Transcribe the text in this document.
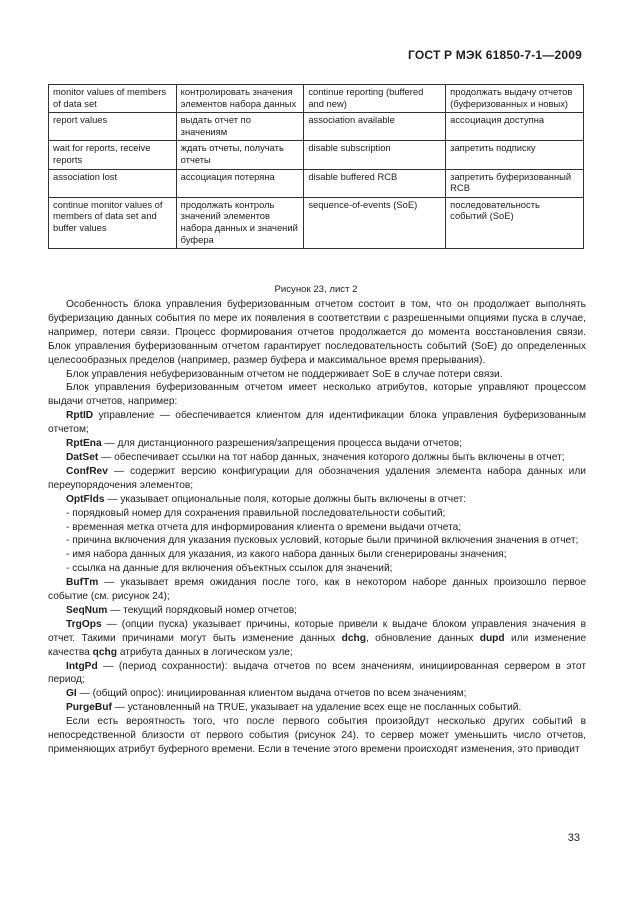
ГОСТ Р МЭК 61850-7-1—2009
monitor values of members of data set	контролировать значения элементов набора данных	continue reporting (buffered and new)	продолжать выдачу отчетов (буферизованных и новых)
report values	выдать отчет по значениям	association available	ассоциация доступна
wait for reports, receive reports	ждать отчеты, получать отчеты	disable subscription	запретить подписку
association lost	ассоциация потеряна	disable buffered RCB	запретить буферизованный RCB
continue monitor values of members of data set and buffer values	продолжать контроль значений элементов набора данных и значений буфера	sequence-of-events (SoE)	последовательность событий (SoE)
Рисунок 23, лист 2

Особенность блока управления буферизованным отчетом состоит в том, что он продолжает выполнять буферизацию данных события по мере их появления в соответствии с разрешенными опциями пуска в случае, например, потери связи. Процесс формирования отчетов продолжается до момента восстановления связи. Блок управления буферизованным отчетом гарантирует последовательность событий (SoE) до определенных целесообразных пределов (например, размер буфера и максимальное время прерывания).

Блок управления небуферизованным отчетом не поддерживает SoE в случае потери связи.

Блок управления буферизованным отчетом имеет несколько атрибутов, которые управляют процессом выдачи отчетов, например:

RptID управление — обеспечивается клиентом для идентификации блока управления буферизованным отчетом;

RptEna — для дистанционного разрешения/запрещения процесса выдачи отчетов;

DatSet — обеспечивает ссылки на тот набор данных, значения которого должны быть включены в отчет;

ConfRev — содержит версию конфигурации для обозначения удаления элемента набора данных или переупорядочения элементов;

OptFlds — указывает опциональные поля, которые должны быть включены в отчет:

- порядковый номер для сохранения правильной последовательности событий;

- временная метка отчета для информирования клиента о времени выдачи отчета;

- причина включения для указания пусковых условий, которые были причиной включения значения в отчет;

- имя набора данных для указания, из какого набора данных были сгенерированы значения;

- ссылка на данные для включения объектных ссылок для значений;

BufTm — указывает время ожидания после того, как в некотором наборе данных произошло первое событие (см. рисунок 24);

SeqNum — текущий порядковый номер отчетов;

TrgOps — (опции пуска) указывает причины, которые привели к выдаче блоком управления значения в отчет. Такими причинами могут быть изменение данных dchg, обновление данных dupd или изменение качества qchg атрибута данных в логическом узле;

IntgPd — (период сохранности): выдача отчетов по всем значениям, инициированная сервером в этот период;

GI — (общий опрос): инициированная клиентом выдача отчетов по всем значениям;

PurgeBuf — установленный на TRUE, указывает на удаление всех еще не посланных событий.

Если есть вероятность того, что после первого события произойдут несколько других событий в непосредственной близости от первого события (рисунок 24). то сервер может уменьшить число отчетов, применяющих атрибут буферного времени. Если в течение этого времени происходят изменения, это приводит

33
